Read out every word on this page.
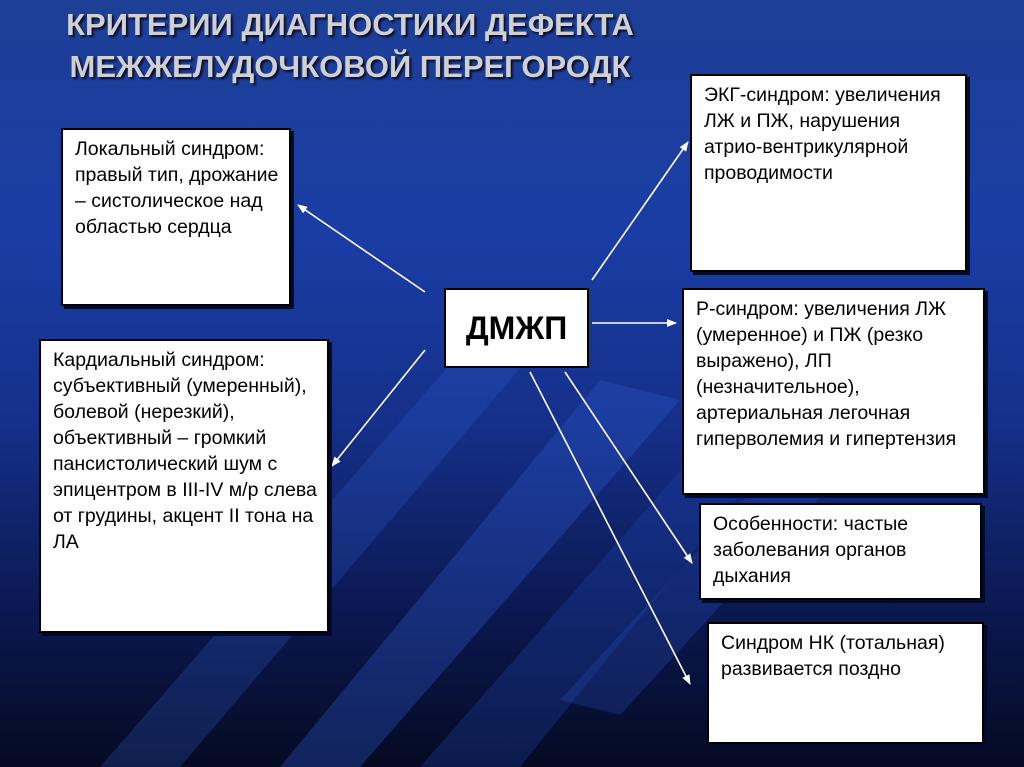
КРИТЕРИИ ДИАГНОСТИКИ ДЕФЕКТА
МЕЖЖЕЛУДОЧКОВОЙ ПЕРЕГОРОДК
ДМЖП
Локальный синдром: правый тип, дрожание – систолическое над областью сердца
Кардиальный синдром: субъективный (умеренный), болевой (нерезкий), объективный – громкий пансистолический шум с эпицентром в III-IV м/р слева от грудины, акцент II тона на ЛА
ЭКГ-синдром: увеличения ЛЖ и ПЖ, нарушения атрио-вентрикулярной проводимости
Р-синдром: увеличения ЛЖ (умеренное) и ПЖ (резко выражено), ЛП (незначительное), артериальная легочная гиперволемия и гипертензия
Особенности: частые заболевания органов дыхания
Синдром НК (тотальная) развивается поздно
